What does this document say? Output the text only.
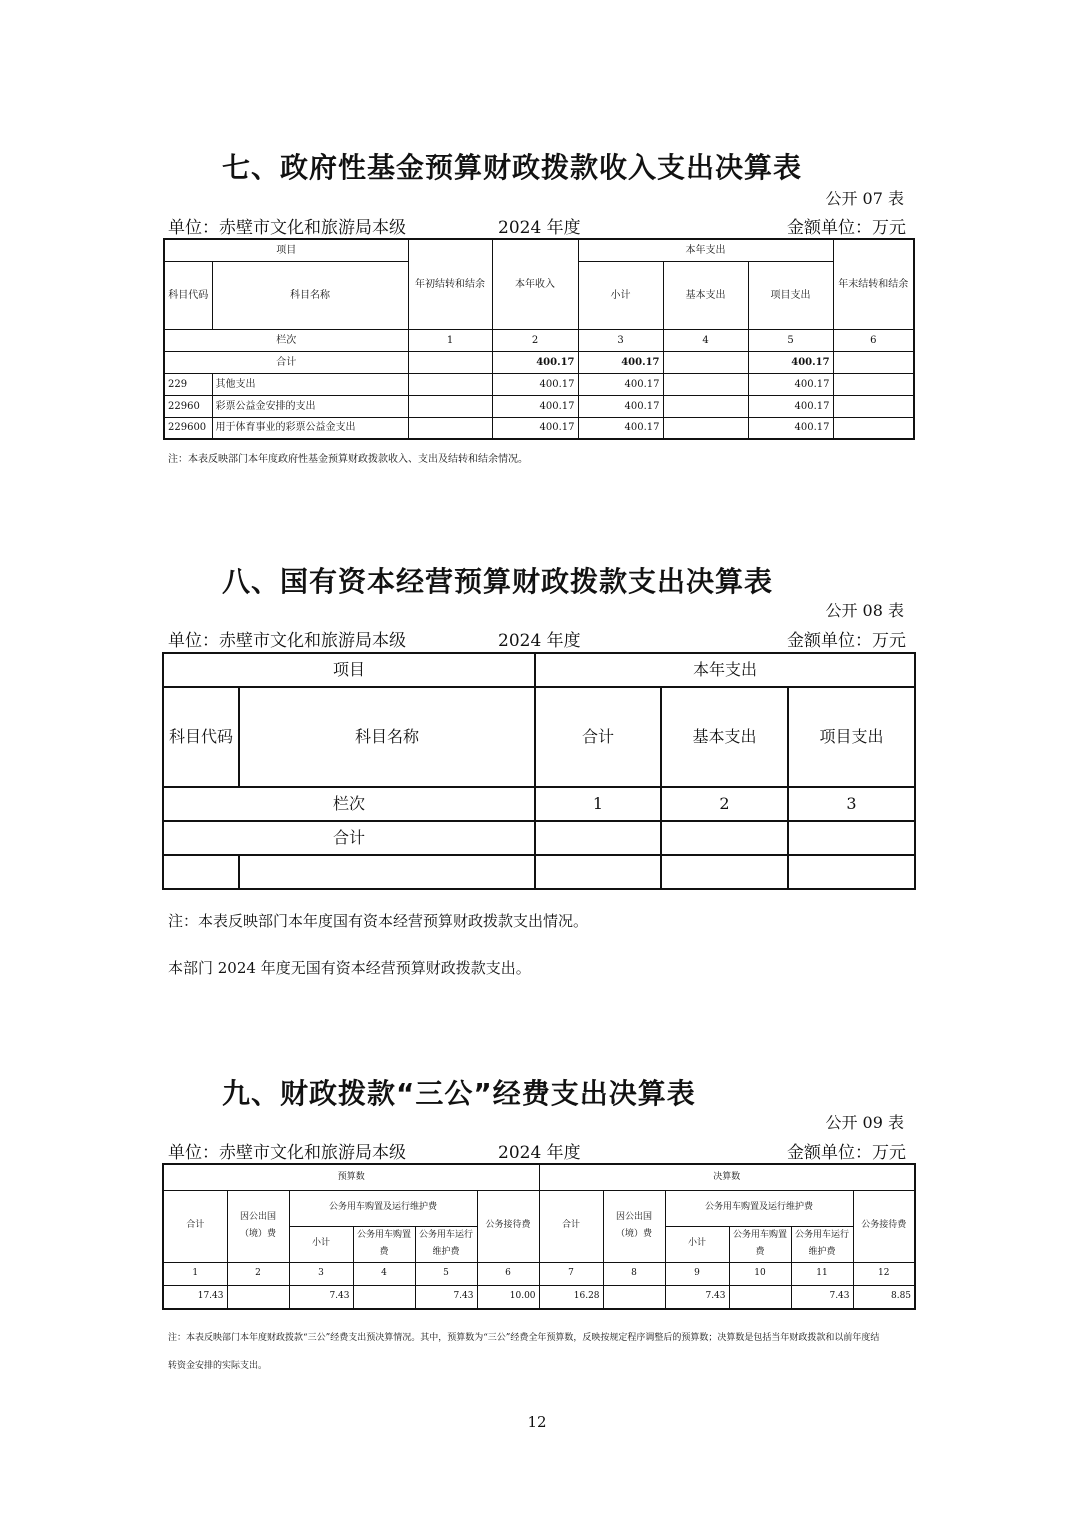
七、政府性基金预算财政拨款收入支出决算表
公开 07 表
单位：赤壁市文化和旅游局本级	2024 年度	金额单位：万元
项目		年初结转和结余	本年收入	本年支出			年末结转和结余
科目代码	科目名称			小计	基本支出	项目支出	
栏次		1	2	3	4	5	6
合计			400.17	400.17		400.17	
229	其他支出		400.17	400.17		400.17	
22960	彩票公益金安排的支出		400.17	400.17		400.17	
229600	用于体育事业的彩票公益金支出		400.17	400.17		400.17	
注：本表反映部门本年度政府性基金预算财政拨款收入、支出及结转和结余情况。
八、国有资本经营预算财政拨款支出决算表
公开 08 表
单位：赤壁市文化和旅游局本级	2024 年度	金额单位：万元
项目		本年支出		
科目代码	科目名称	合计	基本支出	项目支出
栏次		1	2	3
合计				

注：本表反映部门本年度国有资本经营预算财政拨款支出情况。
本部门 2024 年度无国有资本经营预算财政拨款支出。
九、财政拨款“三公”经费支出决算表
公开 09 表
单位：赤壁市文化和旅游局本级	2024 年度	金额单位：万元
预算数						决算数					
合计	因公出国（境）费	公务用车购置及运行维护费			公务接待费	合计	因公出国（境）费	公务用车购置及运行维护费			公务接待费
		小计	公务用车购置费	公务用车运行维护费				小计	公务用车购置费	公务用车运行维护费	
1	2	3	4	5	6	7	8	9	10	11	12
17.43		7.43		7.43	10.00	16.28		7.43		7.43	8.85
注：本表反映部门本年度财政拨款“三公”经费支出预决算情况。其中，预算数为“三公”经费全年预算数，反映按规定程序调整后的预算数；决算数是包括当年财政拨款和以前年度结
转资金安排的实际支出。
12
